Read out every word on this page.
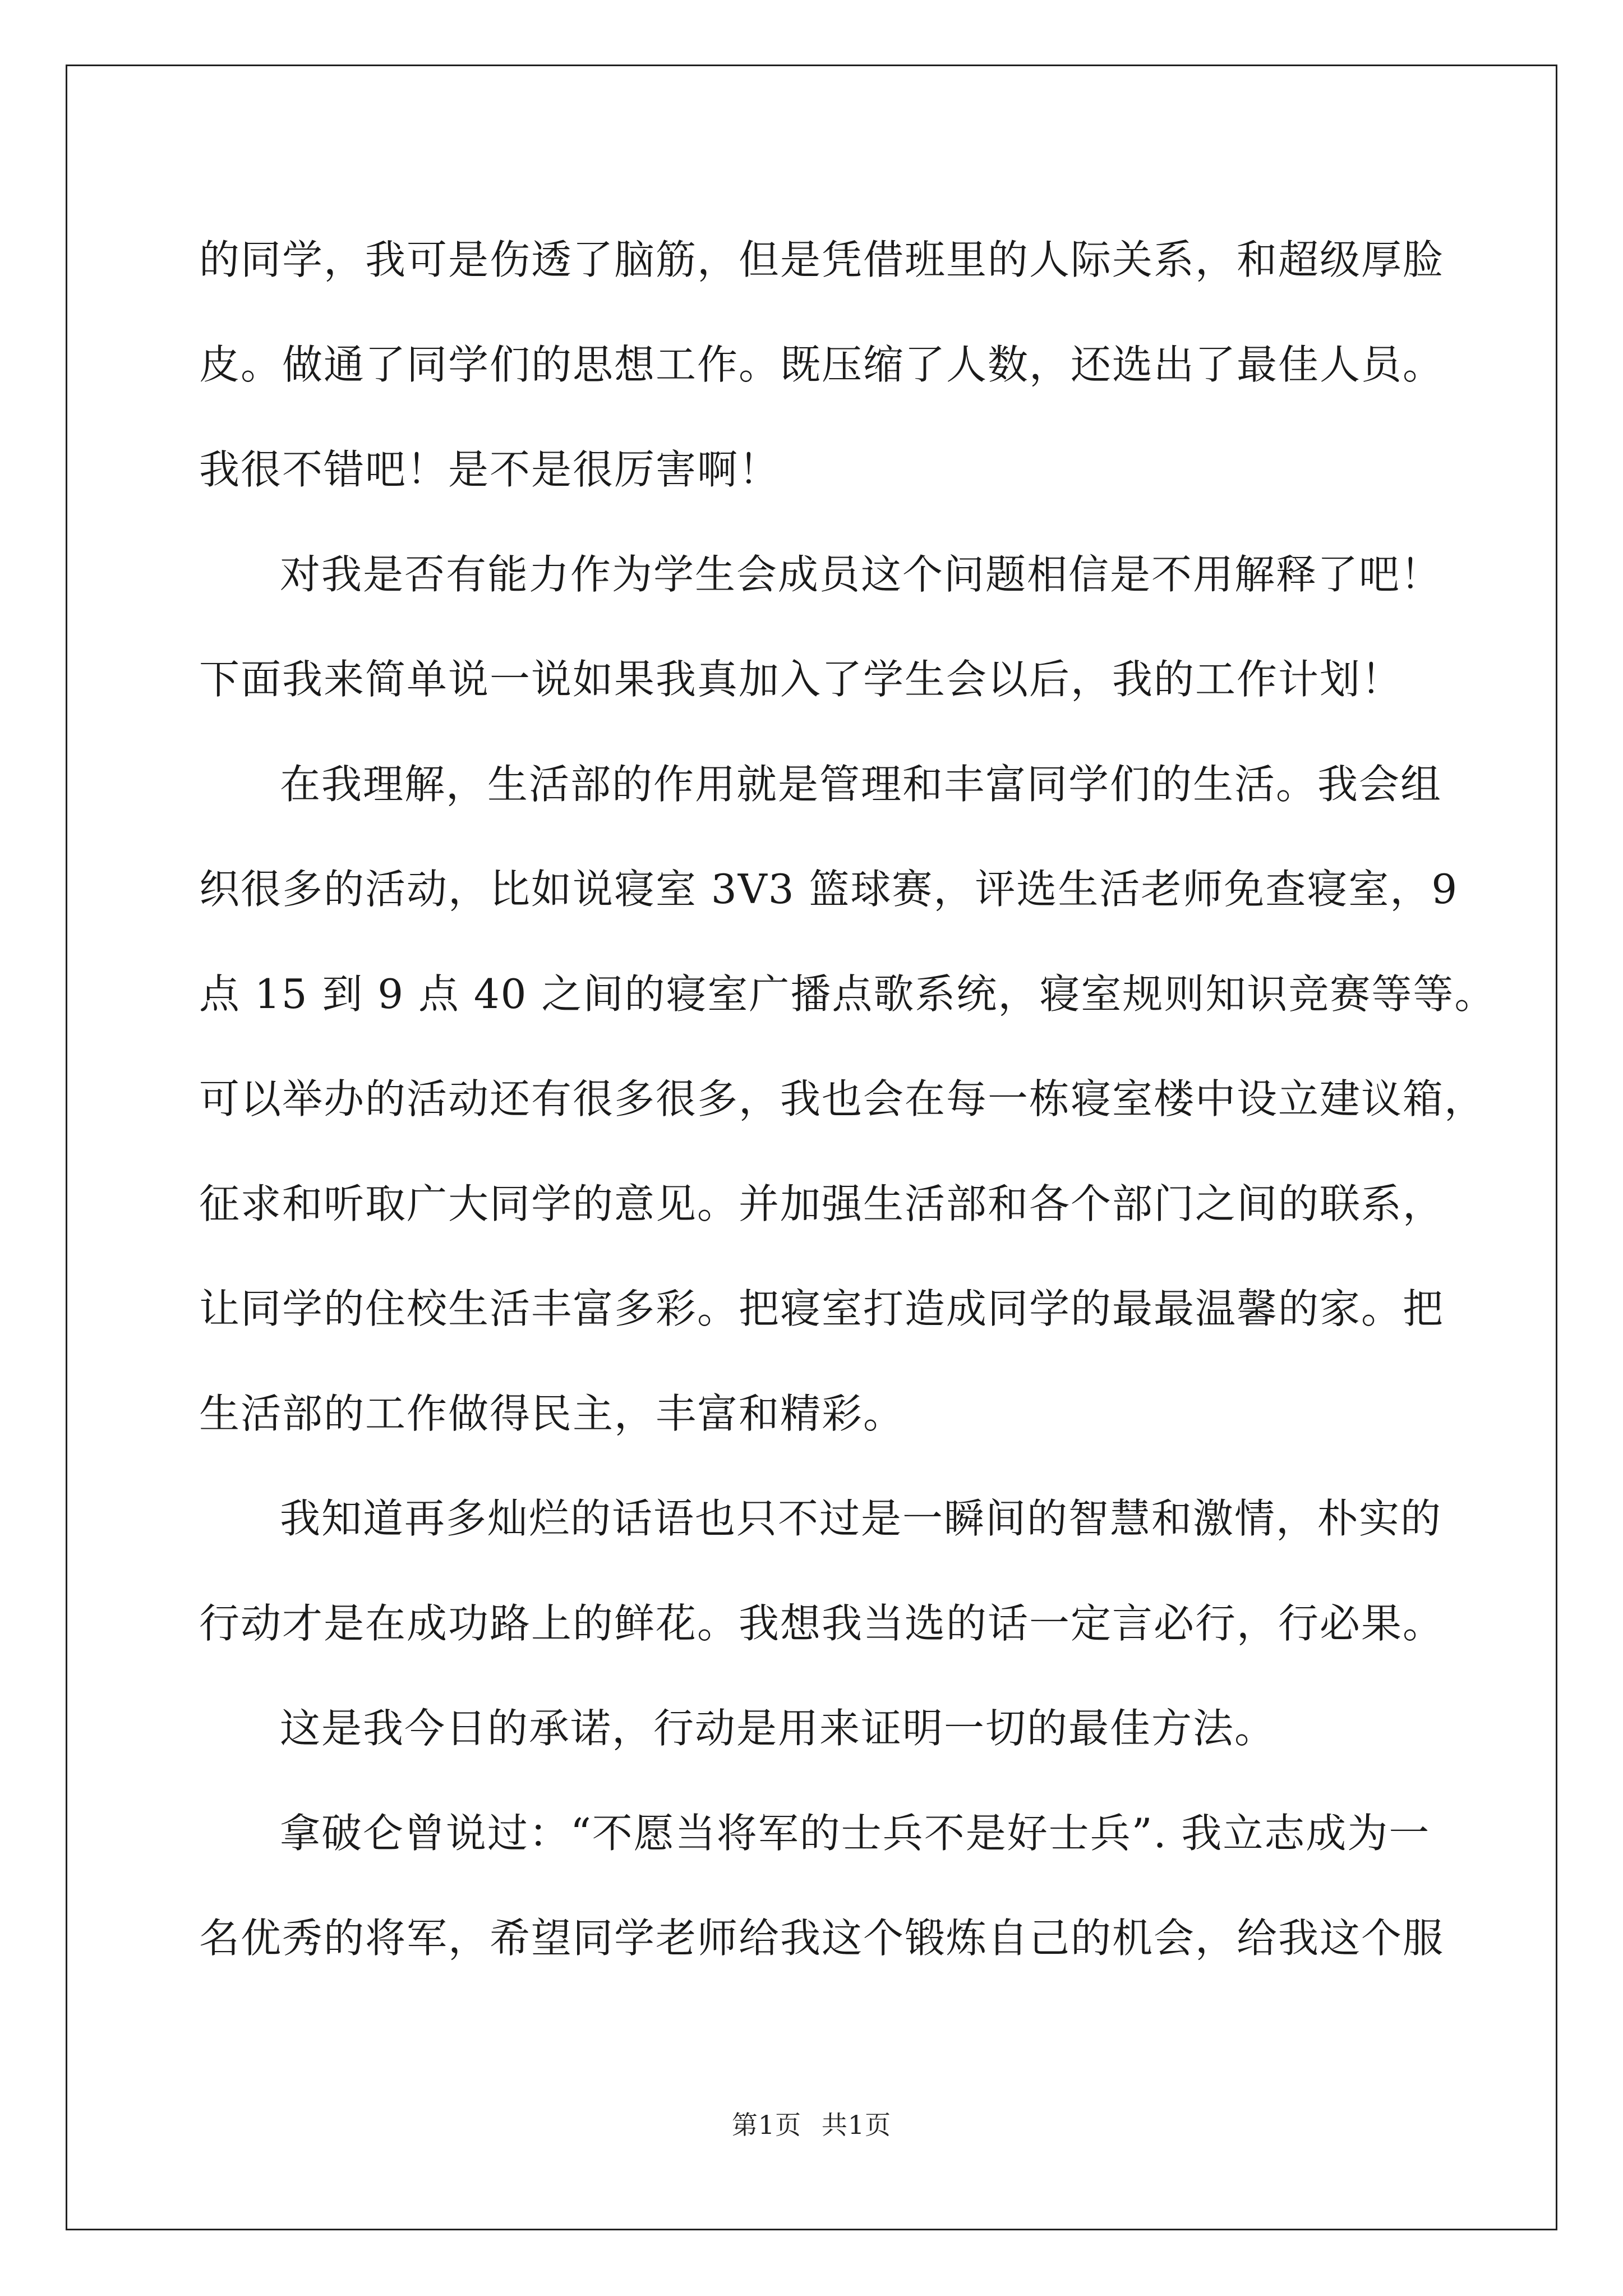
的同学，我可是伤透了脑筋，但是凭借班里的人际关系，和超级厚脸
皮。做通了同学们的思想工作。既压缩了人数，还选出了最佳人员。
我很不错吧！是不是很厉害啊！
对我是否有能力作为学生会成员这个问题相信是不用解释了吧！
下面我来简单说一说如果我真加入了学生会以后，我的工作计划！
在我理解，生活部的作用就是管理和丰富同学们的生活。我会组
织很多的活动，比如说寝室 3V3 篮球赛，评选生活老师免查寝室，9
点 15 到 9 点 40 之间的寝室广播点歌系统，寝室规则知识竞赛等等。
可以举办的活动还有很多很多，我也会在每一栋寝室楼中设立建议箱，
征求和听取广大同学的意见。并加强生活部和各个部门之间的联系，
让同学的住校生活丰富多彩。把寝室打造成同学的最最温馨的家。把
生活部的工作做得民主，丰富和精彩。
我知道再多灿烂的话语也只不过是一瞬间的智慧和激情，朴实的
行动才是在成功路上的鲜花。我想我当选的话一定言必行，行必果。
这是我今日的承诺，行动是用来证明一切的最佳方法。
拿破仑曾说过：“不愿当将军的士兵不是好士兵”. 我立志成为一
名优秀的将军，希望同学老师给我这个锻炼自己的机会，给我这个服
第1页 共1页
